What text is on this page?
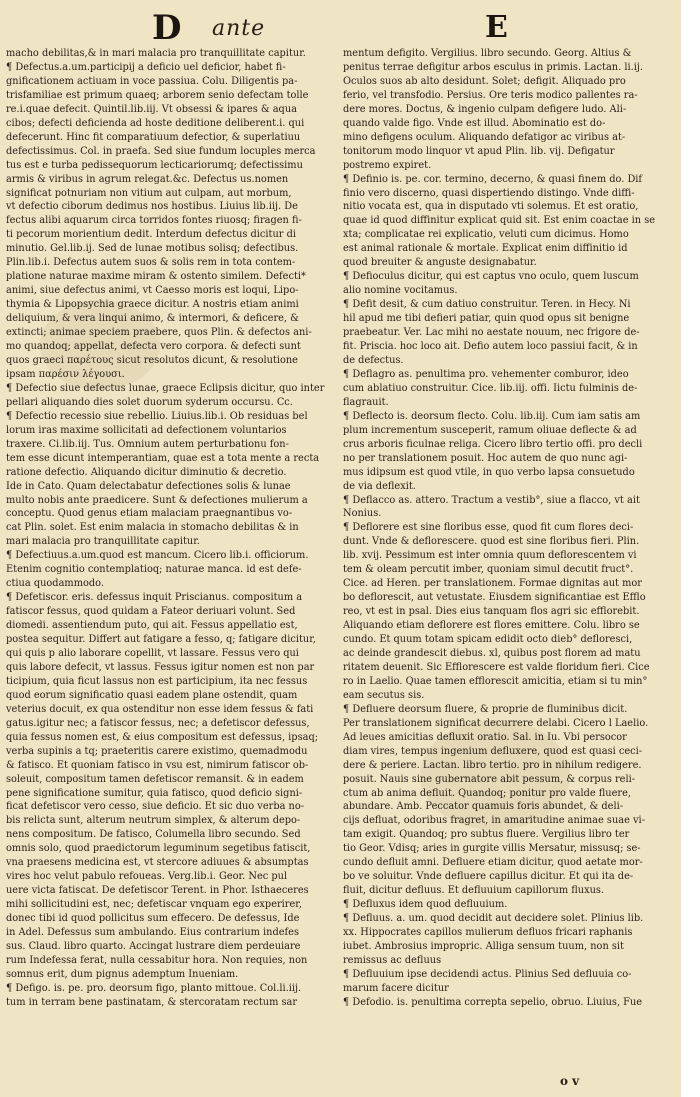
D ante	E
macho debilitas,& in mari malacia pro tranquillitate capitur.
¶ Defectus.a.um.participij a deficio uel deficior, habet fi-
gnificationem actiuam in voce passiua. Colu. Diligentis pa-
trisfamiliae est primum quaeq; arborem senio defectam tolle
re.i.quae defecit. Quintil.lib.iij. Vt obsessi & ipares & aqua
cibos; defecti deficienda ad hoste deditione deliberent.i. qui
defecerunt. Hinc fit comparatiuum defectior, & superlatiuu
defectissimus. Col. in praefa. Sed siue fundum locuples merca
tus est e turba pedissequorum lecticariorumq; defectissimu
armis & viribus in agrum relegat.&c. Defectus us.nomen
significat potnuriam non vitium aut culpam, aut morbum,
vt defectio ciborum dedimus nos hostibus. Liuius lib.iij. De
fectus alibi aquarum circa torridos fontes riuosq; firagen fi-
ti pecorum morientium dedit. Interdum defectus dicitur di
minutio. Gel.lib.ij. Sed de lunae motibus solisq; defectibus.
Plin.lib.i. Defectus autem suos & solis rem in tota contem-
platione naturae maxime miram & ostento similem. Defecti*
animi, siue defectus animi, vt Caesso moris est loqui, Lipo-
thymia & Lipopsychia graece dicitur. A nostris etiam animi
deliquium, & vera linqui animo, & intermori, & deficere, &
extincti; animae speciem praebere, quos Plin. & defectos ani-
mo quandoq; appellat, defecta vero corpora. & defecti sunt
quos graeci παρέτους sicut resolutos dicunt, & resolutione
ipsam παρέσιν λέγουσι.
¶ Defectio siue defectus lunae, graece Eclipsis dicitur, quo inter
pellari aliquando dies solet duorum syderum occursu. Cc.
¶ Defectio recessio siue rebellio. Liuius.lib.i. Ob residuas bel
lorum iras maxime sollicitati ad defectionem voluntarios
traxere. Ci.lib.iij. Tus. Omnium autem perturbationu fon-
tem esse dicunt intemperantiam, quae est a tota mente a recta
ratione defectio. Aliquando dicitur diminutio & decretio.
Ide in Cato. Quam delectabatur defectiones solis & lunae
multo nobis ante praedicere. Sunt & defectiones mulierum a
conceptu. Quod genus etiam malaciam praegnantibus vo-
cat Plin. solet. Est enim malacia in stomacho debilitas & in
mari malacia pro tranquillitate capitur.
¶ Defectiuus.a.um.quod est mancum. Cicero lib.i. officiorum.
Etenim cognitio contemplatioq; naturae manca. id est defe-
ctiua quodammodo.
¶ Defetiscor. eris. defessus inquit Priscianus. compositum a
fatiscor fessus, quod quidam a Fateor deriuari volunt. Sed
diomedi. assentiendum puto, qui ait. Fessus appellatio est,
postea sequitur. Differt aut fatigare a fesso, q; fatigare dicitur,
qui quis p alio laborare copellit, vt lassare. Fessus vero qui
quis labore defecit, vt lassus. Fessus igitur nomen est non par
ticipium, quia ficut lassus non est participium, ita nec fessus
quod eorum significatio quasi eadem plane ostendit, quam
veterius docuit, ex qua ostenditur non esse idem fessus & fati
gatus.igitur nec; a fatiscor fessus, nec; a defetiscor defessus,
quia fessus nomen est, & eius compositum est defessus, ipsaq;
verba supinis a tq; praeteritis carere existimo, quemadmodu
& fatisco. Et quoniam fatisco in vsu est, nimirum fatiscor ob-
soleuit, compositum tamen defetiscor remansit. & in eadem
pene significatione sumitur, quia fatisco, quod deficio signi-
ficat defetiscor vero cesso, siue deficio. Et sic duo verba no-
bis relicta sunt, alterum neutrum simplex, & alterum depo-
nens compositum. De fatisco, Columella libro secundo. Sed
omnis solo, quod praedictorum leguminum segetibus fatiscit,
vna praesens medicina est, vt stercore adiuues & absumptas
vires hoc velut pabulo refoueas. Verg.lib.i. Geor. Nec pul
uere victa fatiscat. De defetiscor Terent. in Phor. Isthaeceres
mihi sollicitudini est, nec; defetiscar vnquam ego experirer,
donec tibi id quod pollicitus sum effecero. De defessus, Ide
in Adel. Defessus sum ambulando. Eius contrarium indefes
sus. Claud. libro quarto. Accingat lustrare diem perdeuiare
rum Indefessa ferat, nulla cessabitur hora. Non requies, non
somnus erit, dum pignus ademptum Inueniam.
¶ Defigo. is. pe. pro. deorsum figo, planto mittoue. Col.li.iij.
tum in terram bene pastinatam, & stercoratam rectum sar
mentum defigito. Vergilius. libro secundo. Georg. Altius &
penitus terrae defigitur arbos esculus in primis. Lactan. li.ij.
Oculos suos ab alto desidunt. Solet; defigit. Aliquado pro
ferio, vel transfodio. Persius. Ore teris modico pallentes ra-
dere mores. Doctus, & ingenio culpam defigere ludo. Ali-
quando valde figo. Vnde est illud. Abominatio est do-
mino defigens oculum. Aliquando defatigor ac viribus at-
tonitorum modo linquor vt apud Plin. lib. vij. Defigatur
postremo expiret.
¶ Definio is. pe. cor. termino, decerno, & quasi finem do. Dif
finio vero discerno, quasi dispertiendo distingo. Vnde diffi-
nitio vocata est, qua in disputado vti solemus. Et est oratio,
quae id quod diffinitur explicat quid sit. Est enim coactae in se
xta; complicatae rei explicatio, veluti cum dicimus. Homo
est animal rationale & mortale. Explicat enim diffinitio id
quod breuiter & anguste designabatur.
¶ Defioculus dicitur, qui est captus vno oculo, quem luscum
alio nomine vocitamus.
¶ Defit desit, & cum datiuo construitur. Teren. in Hecy. Ni
hil apud me tibi defieri patiar, quin quod opus sit benigne
praebeatur. Ver. Lac mihi no aestate nouum, nec frigore de-
fit. Priscia. hoc loco ait. Defio autem loco passiui facit, & in
de defectus.
¶ Deflagro as. penultima pro. vehementer comburor, ideo
cum ablatiuo construitur. Cice. lib.iij. offi. Iictu fulminis de-
flagrauit.
¶ Deflecto is. deorsum flecto. Colu. lib.iij. Cum iam satis am
plum incrementum susceperit, ramum oliuae deflecte & ad
crus arboris ficulnae religa. Cicero libro tertio offi. pro decli
no per translationem posuit. Hoc autem de quo nunc agi-
mus idipsum est quod vtile, in quo verbo lapsa consuetudo
de via deflexit.
¶ Deflacco as. attero. Tractum a vestib°, siue a flacco, vt ait
Nonius.
¶ Deflorere est sine floribus esse, quod fit cum flores deci-
dunt. Vnde & deflorescere. quod est sine floribus fieri. Plin.
lib. xvij. Pessimum est inter omnia quum deflorescentem vi
tem & oleam percutit imber, quoniam simul decutit fruct°.
Cice. ad Heren. per translationem. Formae dignitas aut mor
bo deflorescit, aut vetustate. Eiusdem significantiae est Efflo
reo, vt est in psal. Dies eius tanquam flos agri sic efflorebit.
Aliquando etiam deflorere est flores emittere. Colu. libro se
cundo. Et quum totam spicam edidit octo dieb° defloresci,
ac deinde grandescit diebus. xl, quibus post florem ad matu
ritatem deuenit. Sic Efflorescere est valde floridum fieri. Cice
ro in Laelio. Quae tamen efflorescit amicitia, etiam si tu min°
eam secutus sis.
¶ Defluere deorsum fluere, & proprie de fluminibus dicit.
Per translationem significat decurrere delabi. Cicero l Laelio.
Ad leues amicitias defluxit oratio. Sal. in Iu. Vbi persocor
diam vires, tempus ingenium defluxere, quod est quasi ceci-
dere & periere. Lactan. libro tertio. pro in nihilum redigere.
posuit. Nauis sine gubernatore abit pessum, & corpus reli-
ctum ab anima defluit. Quandoq; ponitur pro valde fluere,
abundare. Amb. Peccator quamuis foris abundet, & deli-
cijs defluat, odoribus fragret, in amaritudine animae suae vi-
tam exigit. Quandoq; pro subtus fluere. Vergilius libro ter
tio Geor. Vdisq; aries in gurgite villis Mersatur, missusq; se-
cundo defluit amni. Defluere etiam dicitur, quod aetate mor-
bo ve soluitur. Vnde defluere capillus dicitur. Et qui ita de-
fluit, dicitur defluus. Et defluuium capillorum fluxus.
¶ Defluxus idem quod defluuium.
¶ Defluus. a. um. quod decidit aut decidere solet. Plinius lib.
xx. Hippocrates capillos mulierum defluos fricari raphanis
iubet. Ambrosius impropric. Alliga sensum tuum, non sit
remissus ac defluus
¶ Defluuium ipse decidendi actus. Plinius Sed defluuia co-
marum facere dicitur
¶ Defodio. is. penultima correpta sepelio, obruo. Liuius, Fue
o v
